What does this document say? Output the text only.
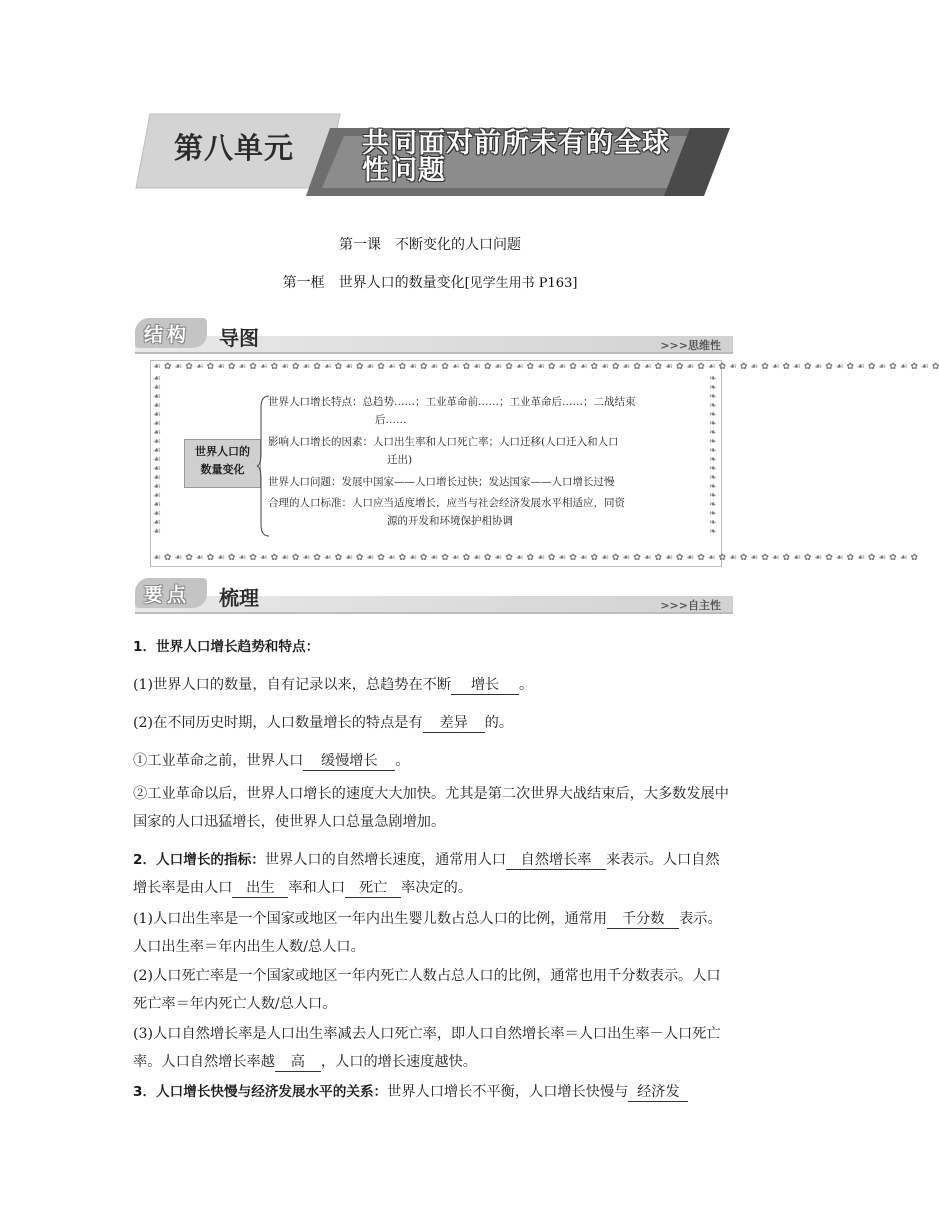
第八单元	共同面对前所未有的全球性问题
第一课　不断变化的人口问题
第一框　世界人口的数量变化[见学生用书 P163]
结构 导图	>>>思维性
☙ ✿ ☙ ✿ ☙ ✿ ☙ ✿ ☙ ✿ ☙ ✿ ☙ ✿ ☙ ✿ ☙ ✿ ☙ ✿ ☙ ✿ ☙ ✿ ☙ ✿ ☙ ✿ ☙ ✿ ☙ ✿ ☙ ✿ ☙ ✿ ☙ ✿ ☙ ✿ ☙ ✿ ☙ ✿ ☙ ✿ ☙ ✿ ☙ ✿ ☙ ✿ ☙ ✿ ☙ ✿ ☙ ✿ ☙ ✿ ☙ ✿ ☙ ✿ ☙ ✿ ☙ ✿ ☙ ✿ ☙ ✿ ☙ ✿
☙ ✿ ☙ ✿ ☙ ✿ ☙ ✿ ☙ ✿ ☙ ✿ ☙ ✿ ☙ ✿ ☙ ✿ ☙ ✿ ☙ ✿ ☙ ✿ ☙ ✿ ☙ ✿ ☙ ✿ ☙ ✿ ☙ ✿ ☙ ✿ ☙ ✿ ☙ ✿ ☙ ✿ ☙ ✿ ☙ ✿ ☙ ✿ ☙ ✿ ☙ ✿ ☙ ✿ ☙ ✿ ☙ ✿ ☙ ✿ ☙ ✿ ☙ ✿ ☙ ✿ ☙ ✿ ☙ ✿ ☙ ✿
☙ ☙ ☙ ☙ ☙ ☙ ☙ ☙ ☙ ☙ ☙ ☙ ☙ ☙ ☙ ☙ ☙ ☙
❧ ❧ ❧ ❧ ❧ ❧ ❧ ❧ ❧ ❧ ❧ ❧ ❧ ❧ ❧ ❧ ❧ ❧
世界人口的
数量变化
世界人口增长特点：总趋势……；工业革命前……；工业革命后……；二战结束
后……
影响人口增长的因素：人口出生率和人口死亡率；人口迁移(人口迁入和人口
迁出)
世界人口问题：发展中国家——人口增长过快；发达国家——人口增长过慢
合理的人口标准：人口应当适度增长，应当与社会经济发展水平相适应，同资
源的开发和环境保护相协调
要点 梳理	>>>自主性
1．世界人口增长趋势和特点：
(1)世界人口的数量，自有记录以来，总趋势在不断 增长 。
(2)在不同历史时期，人口数量增长的特点是有 差异 的。
①工业革命之前，世界人口 缓慢增长 。
②工业革命以后，世界人口增长的速度大大加快。尤其是第二次世界大战结束后，大多数发展中国家的人口迅猛增长，使世界人口总量急剧增加。
2．人口增长的指标：世界人口的自然增长速度，通常用人口 自然增长率 来表示。人口自然增长率是由人口 出生 率和人口 死亡 率决定的。
(1)人口出生率是一个国家或地区一年内出生婴儿数占总人口的比例，通常用 千分数 表示。人口出生率＝年内出生人数/总人口。
(2)人口死亡率是一个国家或地区一年内死亡人数占总人口的比例，通常也用千分数表示。人口死亡率＝年内死亡人数/总人口。
(3)人口自然增长率是人口出生率减去人口死亡率，即人口自然增长率＝人口出生率－人口死亡率。人口自然增长率越 高 ，人口的增长速度越快。
3．人口增长快慢与经济发展水平的关系：世界人口增长不平衡，人口增长快慢与 经济发
